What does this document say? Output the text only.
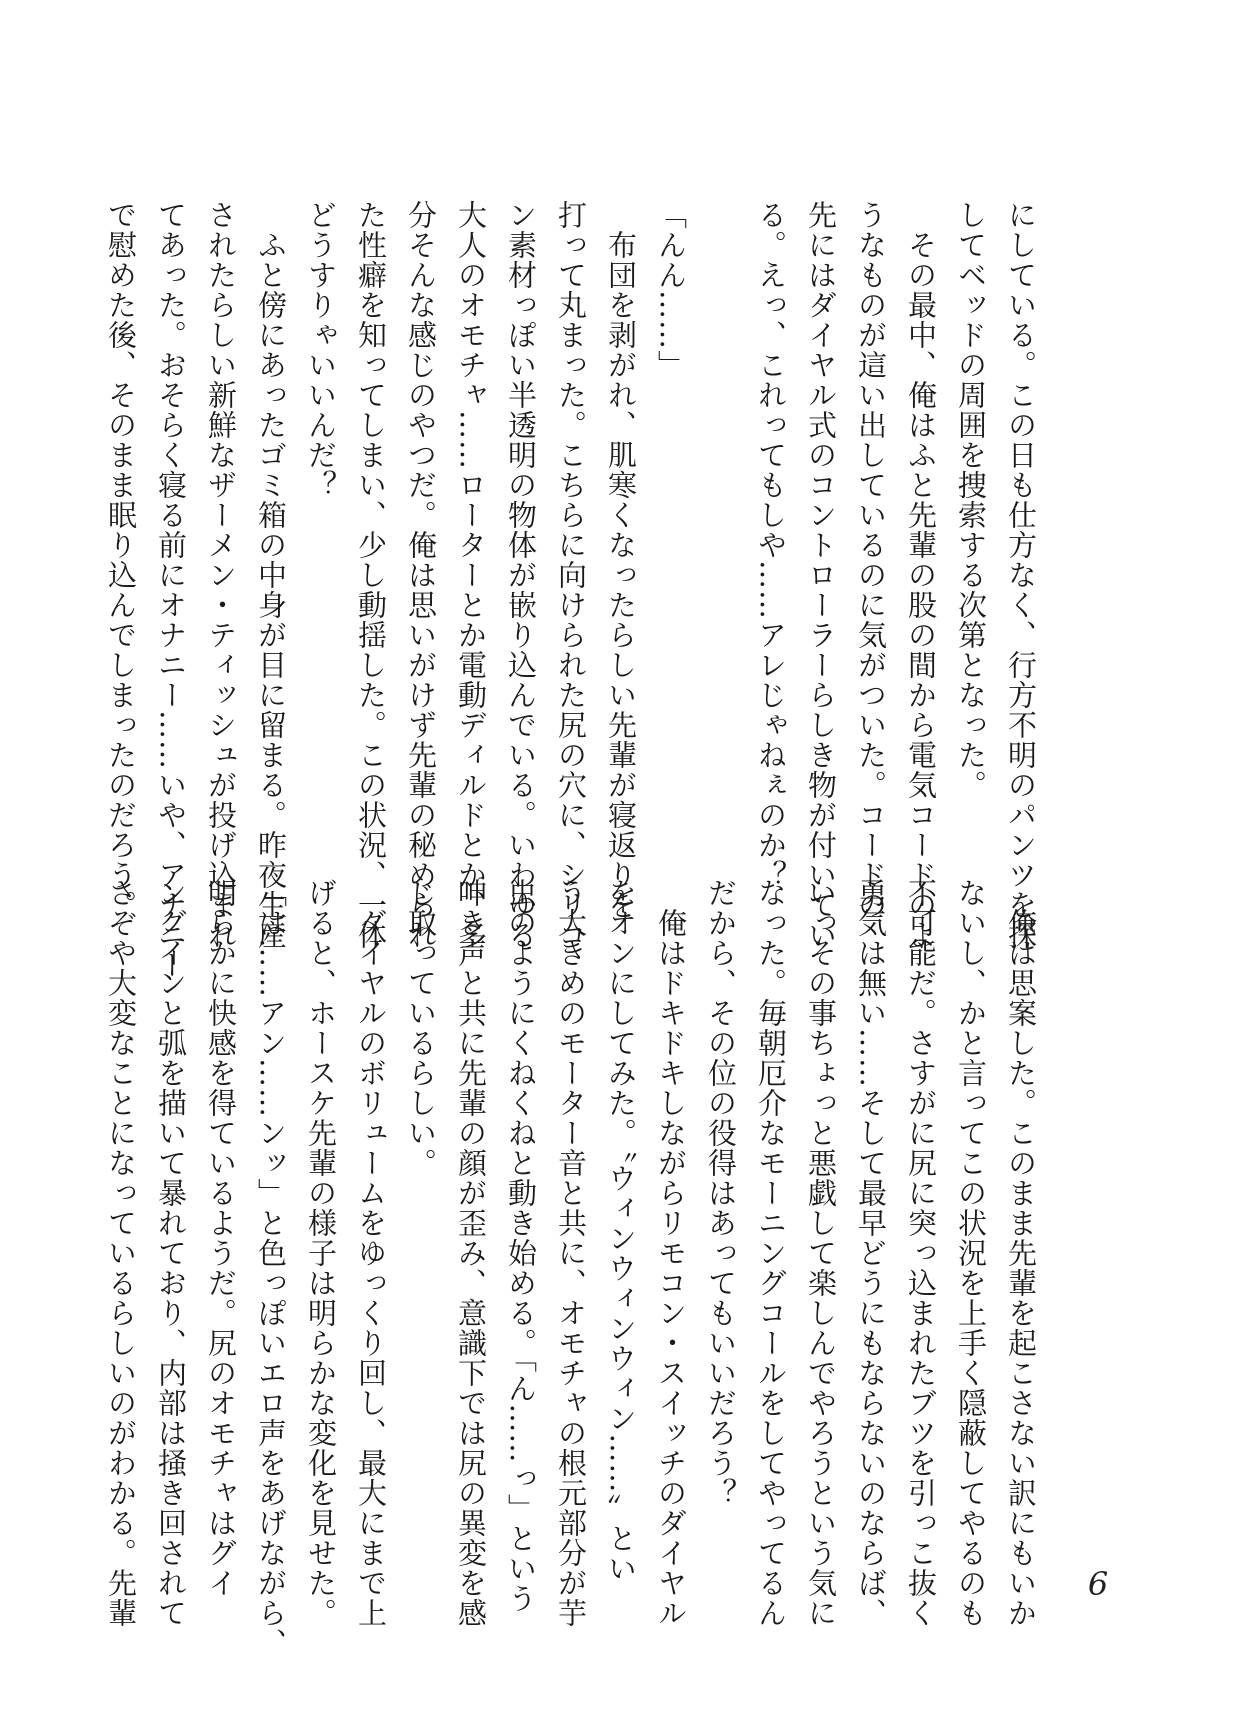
にしている。この日も仕方なく、行方不明のパンツを探
してベッドの周囲を捜索する次第となった。
　その最中、俺はふと先輩の股の間から電気コードのよ
うなものが這い出しているのに気がついた。コードの
先にはダイヤル式のコントローラーらしき物が付いてい
る。えっ、これってもしや……アレじゃねぇのか？

「んん……」
　布団を剥がれ、肌寒くなったらしい先輩が寝返りを
打って丸まった。こちらに向けられた尻の穴に、シリコ
ン素材っぽい半透明の物体が嵌り込んでいる。いわゆる
大人のオモチャ……ローターとか電動ディルドとか、多
分そんな感じのやつだ。俺は思いがけず先輩の秘められ
た性癖を知ってしまい、少し動揺した。この状況、一体
どうすりゃいいんだ？
　ふと傍にあったゴミ箱の中身が目に留まる。昨夜生産
されたらしい新鮮なザーメン・ティッシュが投げ込まれ
てあった。おそらく寝る前にオナニー……いや、アナニー
で慰めた後、そのまま眠り込んでしまったのだろう。
　俺は思案した。このまま先輩を起こさない訳にもいか
ないし、かと言ってこの状況を上手く隠蔽してやるのも
不可能だ。さすがに尻に突っ込まれたブツを引っこ抜く
勇気は無い……そして最早どうにもならないのならば、
いっその事ちょっと悪戯して楽しんでやろうという気に
なった。毎朝厄介なモーニングコールをしてやってるん
だから、その位の役得はあってもいいだろう？
　俺はドキドキしながらリモコン・スイッチのダイヤル
をオンにしてみた。〝ウィンウィンウィン……〟とい
う大きめのモーター音と共に、オモチャの根元部分が芋
虫のようにくねくねと動き始める。「ん……っ」という
呻き声と共に先輩の顔が歪み、意識下では尻の異変を感
じ取っているらしい。
　ダイヤルのボリュームをゆっくり回し、最大にまで上
げると、ホースケ先輩の様子は明らかな変化を見せた。
「は……アン……ンッ」と色っぽいエロ声をあげながら、
明らかに快感を得ているようだ。尻のオモチャはグイ
ングインと弧を描いて暴れており、内部は掻き回されて
さぞや大変なことになっているらしいのがわかる。先輩	6
